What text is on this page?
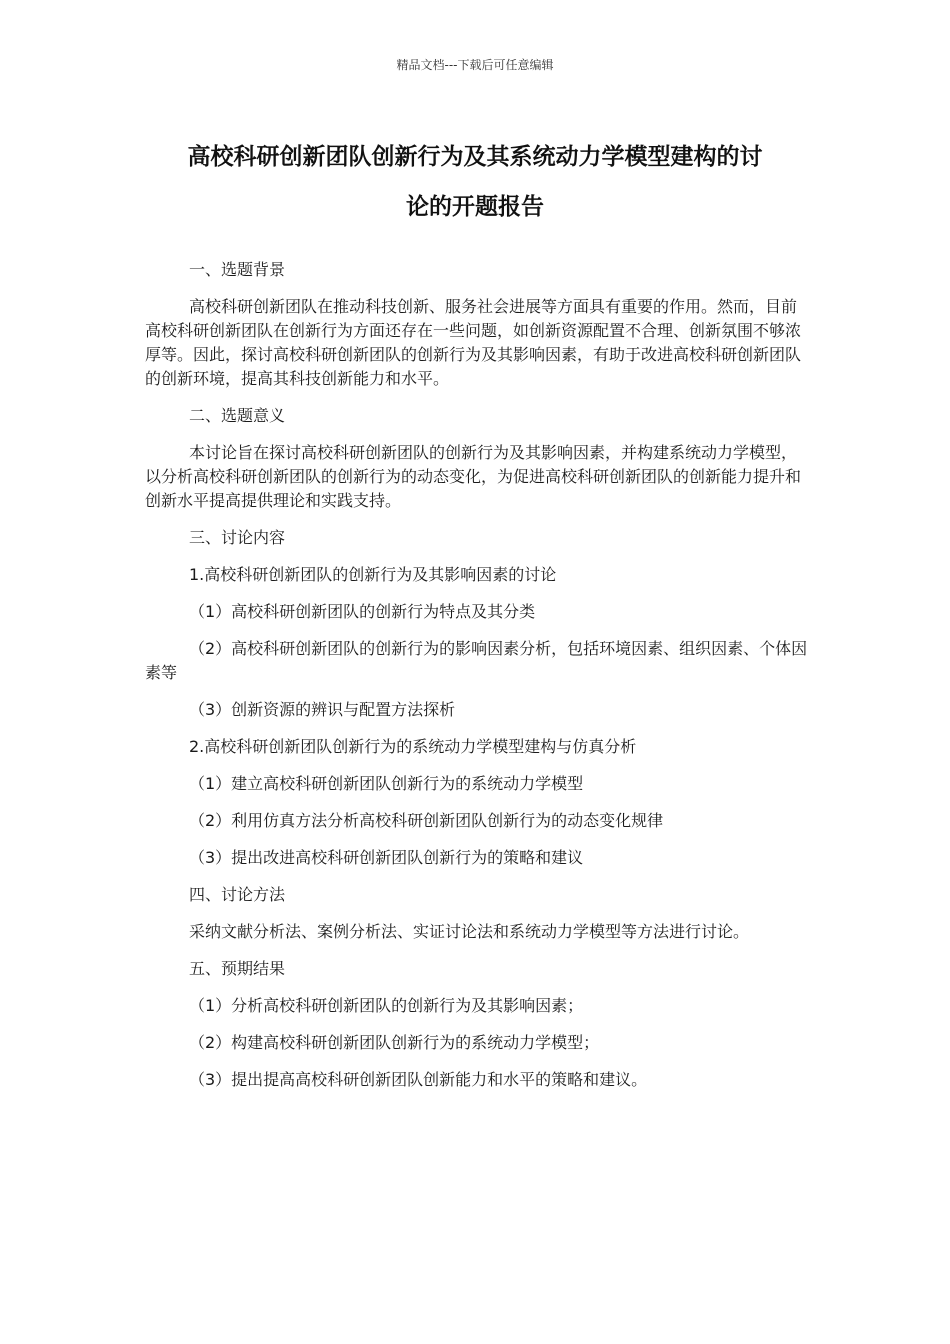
精品文档---下载后可任意编辑
高校科研创新团队创新行为及其系统动力学模型建构的讨
论的开题报告

一、选题背景

高校科研创新团队在推动科技创新、服务社会进展等方面具有重要的作用。然而，目前高校科研创新团队在创新行为方面还存在一些问题，如创新资源配置不合理、创新氛围不够浓厚等。因此，探讨高校科研创新团队的创新行为及其影响因素，有助于改进高校科研创新团队的创新环境，提高其科技创新能力和水平。

二、选题意义

本讨论旨在探讨高校科研创新团队的创新行为及其影响因素，并构建系统动力学模型，以分析高校科研创新团队的创新行为的动态变化，为促进高校科研创新团队的创新能力提升和创新水平提高提供理论和实践支持。

三、讨论内容

1.高校科研创新团队的创新行为及其影响因素的讨论

（1）高校科研创新团队的创新行为特点及其分类

（2）高校科研创新团队的创新行为的影响因素分析，包括环境因素、组织因素、个体因素等

（3）创新资源的辨识与配置方法探析

2.高校科研创新团队创新行为的系统动力学模型建构与仿真分析

（1）建立高校科研创新团队创新行为的系统动力学模型

（2）利用仿真方法分析高校科研创新团队创新行为的动态变化规律

（3）提出改进高校科研创新团队创新行为的策略和建议

四、讨论方法

采纳文献分析法、案例分析法、实证讨论法和系统动力学模型等方法进行讨论。

五、预期结果

（1）分析高校科研创新团队的创新行为及其影响因素；

（2）构建高校科研创新团队创新行为的系统动力学模型；

（3）提出提高高校科研创新团队创新能力和水平的策略和建议。
